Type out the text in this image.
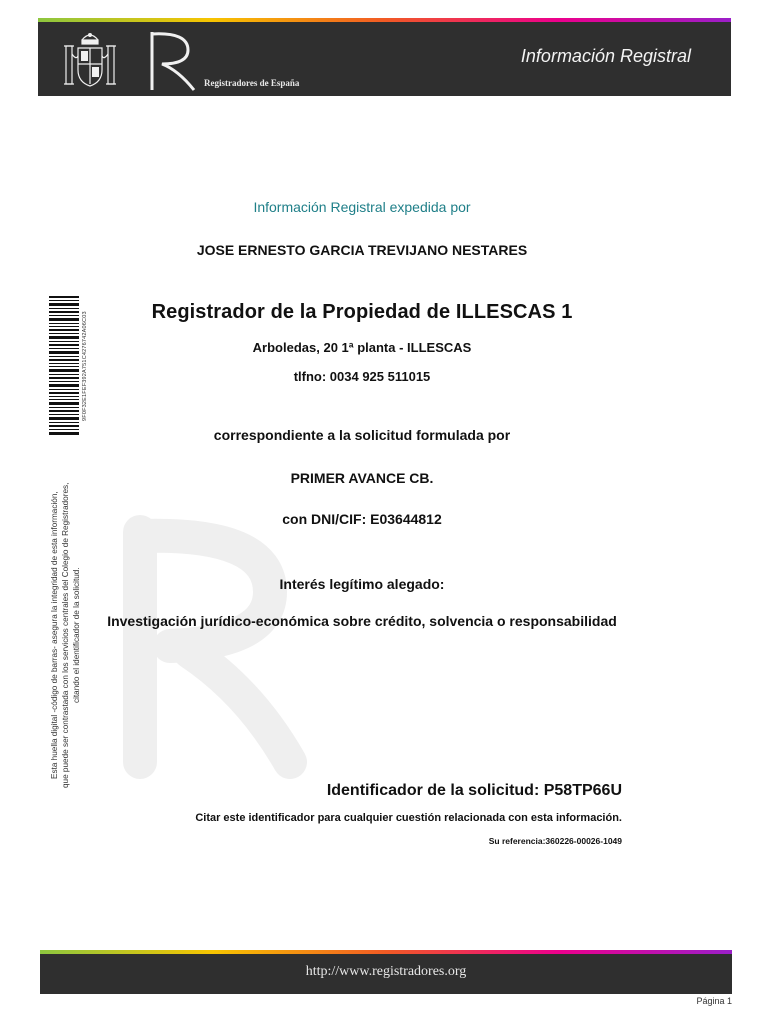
Registradores de España
Información Registral
9F0F32E1FEF392A751C4276742A06C03
Esta huella digital -código de barras- asegura la integridad de esta información, que puede ser contrastada con los servicios centrales del Colegio de Registradores, citando el identificador de la solicitud.
Información Registral expedida por
JOSE ERNESTO GARCIA TREVIJANO NESTARES
Registrador de la Propiedad de ILLESCAS 1
Arboledas, 20 1ª planta - ILLESCAS
tlfno: 0034 925 511015
correspondiente a la solicitud formulada por
PRIMER AVANCE CB.
con DNI/CIF: E03644812
Interés legítimo alegado:
Investigación jurídico-económica sobre crédito, solvencia o responsabilidad
Identificador de la solicitud: P58TP66U
Citar este identificador para cualquier cuestión relacionada con esta información.
Su referencia:360226-00026-1049
http://www.registradores.org
Página 1
